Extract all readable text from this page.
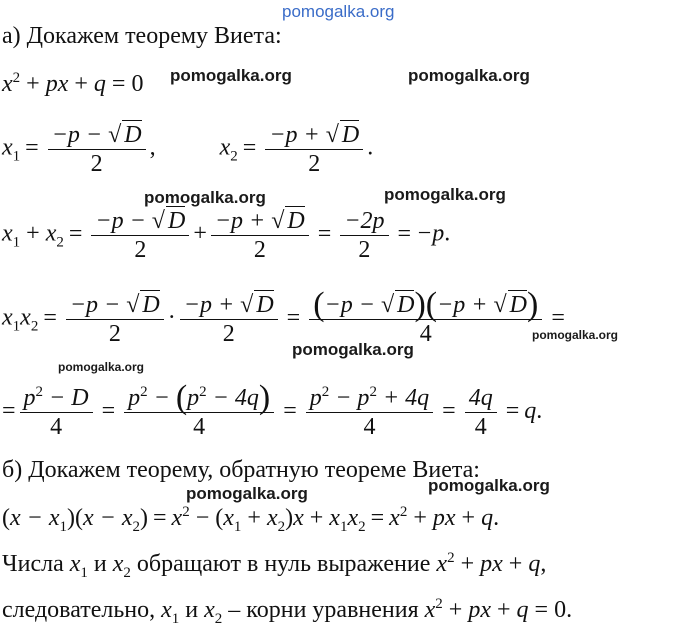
pomogalka.org
а) Докажем теорему Виета:
$x^2$ + px + q = 0 pomogalka.org	pomogalka.org
$x_1 = \frac{-p - √ D}{2}$ ,  $x_2 = \frac{-p + √ D}{2}$ .
pomogalka.org	pomogalka.org
$x_1 + x_2 = \frac{-p - √ D}{2} + \frac{-p + √ D}{2} = \frac{-2p}{2} = -p$.
$x_1x_2 = \frac{-p - √ D}{2} \cdot \frac{-p + √ D}{2} = \frac{(-p - √ D)(-p + √ D)}{4}$ =
pomogalka.org
pomogalka.org
pomogalka.org
= $\frac{p^2 - D}{4} = \frac{p^2 - (p^2 - 4q)}{4} = \frac{p^2 - p^2 + 4q}{4} = \frac{4q}{4} = q$.
б) Докажем теорему, обратную теореме Виета:
pomogalka.org	pomogalka.org
$(x - x_1)(x - x_2) = x^2 - (x_1 + x_2)x + x_1x_2 = x^2$ + px + q.
Числа $x_1$ и $x_2$ обращают в нуль выражение $x^2$ + px + q,
следовательно, $x_1$ и $x_2$ – корни уравнения $x^2$ + px + q = 0.
